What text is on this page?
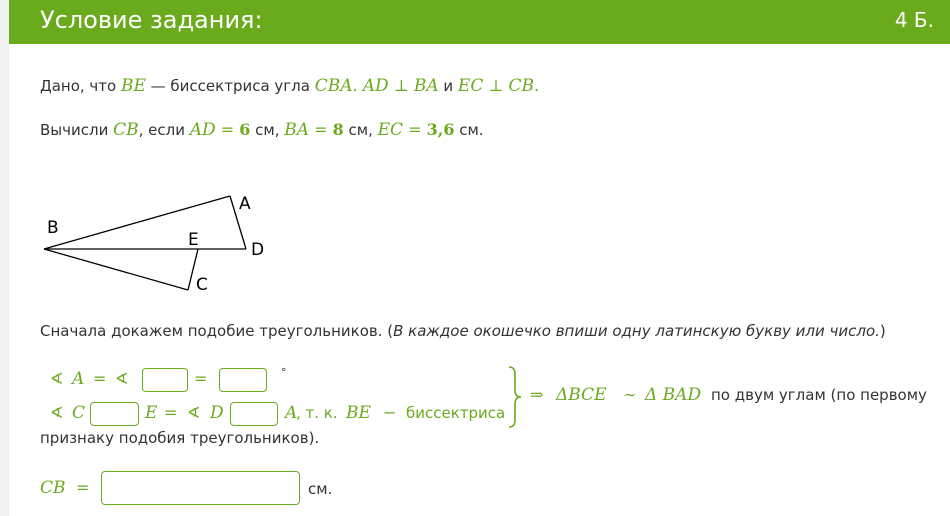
Условие задания:	4 Б.
Дано, что BE — биссектриса угла CBA. AD ⊥ BA и EC ⊥ CB.
Вычисли CB, если AD = 6 см, BA = 8 см, EC = 3,6 см.
A
B
D
E
C
Сначала докажем подобие треугольников. (В каждое окошечко впиши одну латинскую букву или число.)
∢ A = ∢	=	°
∢ C	E = ∢ D	A
, т. к. BE − биссектриса
⇒ ΔBCE ∼ Δ BAD по двум углам (по первому
признаку подобия треугольников).
CB =	см.
